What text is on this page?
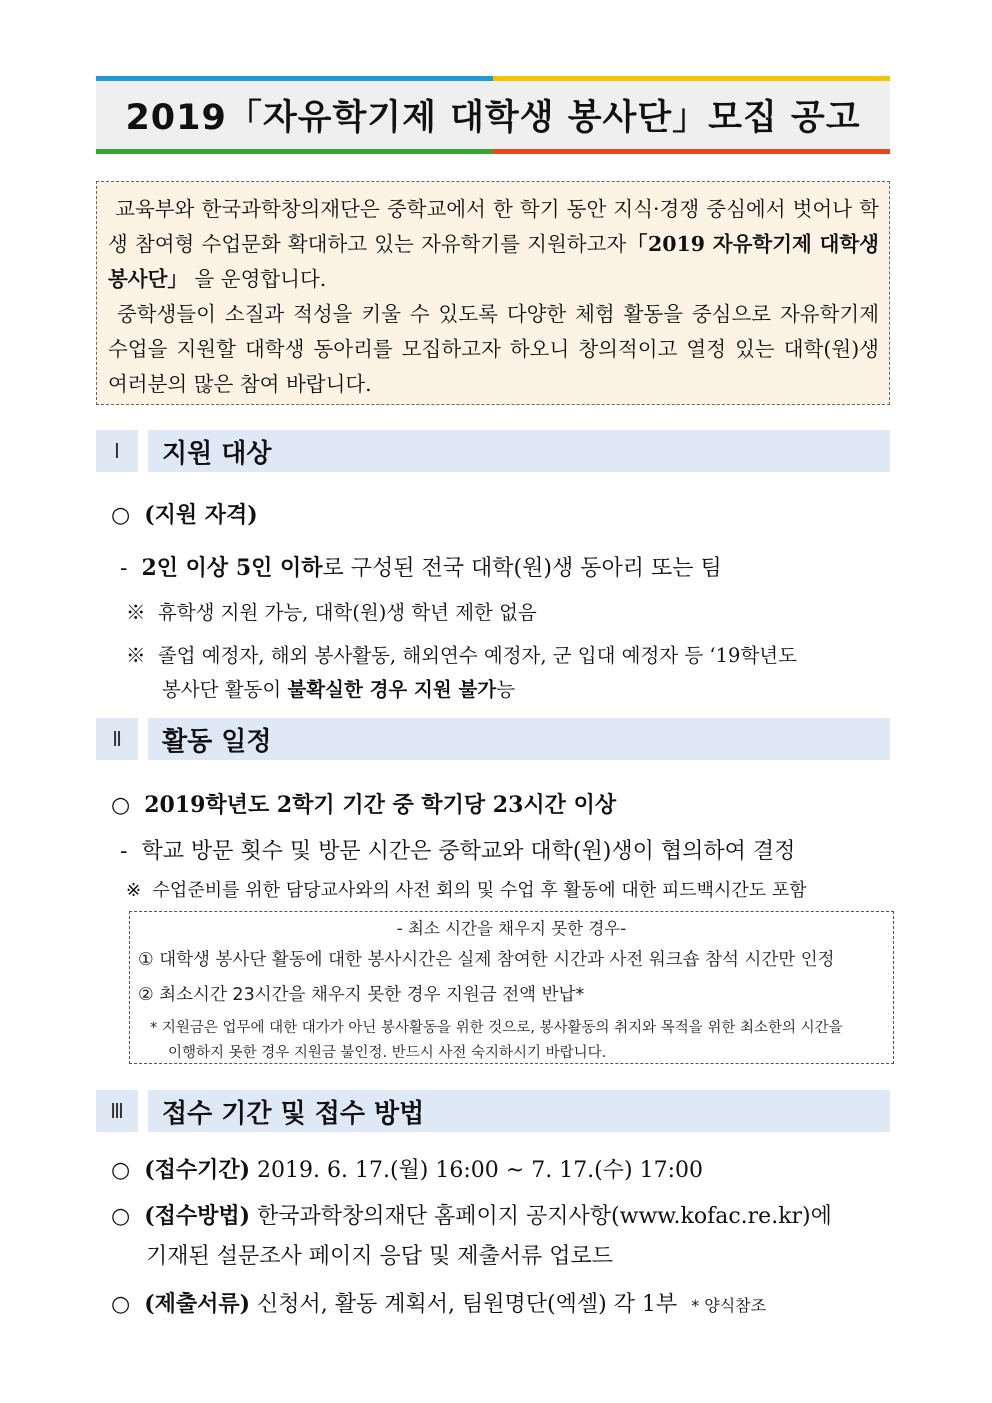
2019「자유학기제 대학생 봉사단」모집 공고

교육부와 한국과학창의재단은 중학교에서 한 학기 동안 지식·경쟁 중심에서 벗어나 학생 참여형 수업문화 확대하고 있는 자유학기를 지원하고자「2019 자유학기제 대학생 봉사단」 을 운영합니다.

중학생들이 소질과 적성을 키울 수 있도록 다양한 체험 활동을 중심으로 자유학기제 수업을 지원할 대학생 동아리를 모집하고자 하오니 창의적이고 열정 있는 대학(원)생 여러분의 많은 참여 바랍니다.

Ⅰ	지원 대상
○ (지원 자격)
- 2인 이상 5인 이하로 구성된 전국 대학(원)생 동아리 또는 팀
※ 휴학생 지원 가능, 대학(원)생 학년 제한 없음
※ 졸업 예정자, 해외 봉사활동, 해외연수 예정자, 군 입대 예정자 등 ‘19학년도
봉사단 활동이 불확실한 경우 지원 불가능
Ⅱ	활동 일정
○ 2019학년도 2학기 기간 중 학기당 23시간 이상
- 학교 방문 횟수 및 방문 시간은 중학교와 대학(원)생이 협의하여 결정
※ 수업준비를 위한 담당교사와의 사전 회의 및 수업 후 활동에 대한 피드백시간도 포함
- 최소 시간을 채우지 못한 경우-
① 대학생 봉사단 활동에 대한 봉사시간은 실제 참여한 시간과 사전 워크숍 참석 시간만 인정
② 최소시간 23시간을 채우지 못한 경우 지원금 전액 반납*
* 지원금은 업무에 대한 대가가 아닌 봉사활동을 위한 것으로, 봉사활동의 취지와 목적을 위한 최소한의 시간을
이행하지 못한 경우 지원금 불인정. 반드시 사전 숙지하시기 바랍니다.
Ⅲ	접수 기간 및 접수 방법
○ (접수기간) 2019. 6. 17.(월) 16:00 ~ 7. 17.(수) 17:00
○ (접수방법) 한국과학창의재단 홈페이지 공지사항(www.kofac.re.kr)에
기재된 설문조사 페이지 응답 및 제출서류 업로드
○ (제출서류) 신청서, 활동 계획서, 팀원명단(엑셀) 각 1부 * 양식참조
